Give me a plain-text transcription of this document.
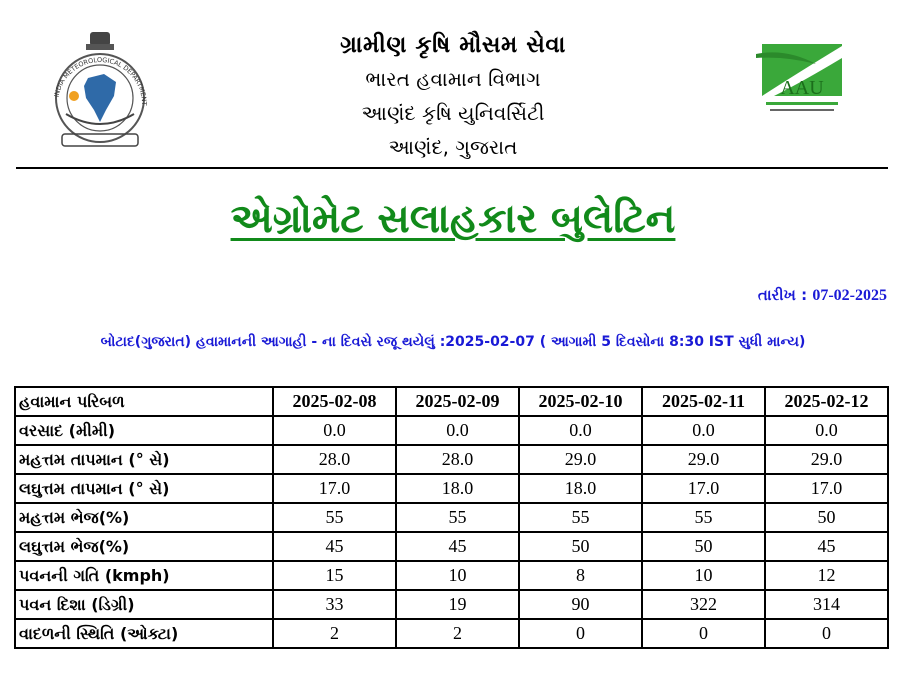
INDIA METEOROLOGICAL DEPARTMENT
ગ્રામીણ કૃષિ મૌસમ સેવા
ભારત હવામાન વિભાગ
આણંદ કૃષિ યુનિવર્સિટી
આણંદ, ગુજરાત
AAU
એગ્રોમેટ સલાહકાર બુલેટિન
તારીખ : 07-02-2025
બોટાદ(ગુજરાત) હવામાનની આગાહી - ના દિવસે રજૂ થયેલું :2025-02-07 ( આગામી 5 દિવસોના 8:30 IST સુધી માન્ય)
હવામાન પરિબળ	2025-02-08	2025-02-09	2025-02-10	2025-02-11	2025-02-12
વરસાદ (મીમી)	0.0	0.0	0.0	0.0	0.0
મહત્તમ તાપમાન (° સે)	28.0	28.0	29.0	29.0	29.0
લઘુત્તમ તાપમાન (° સે)	17.0	18.0	18.0	17.0	17.0
મહત્તમ ભેજ(%)	55	55	55	55	50
લઘુત્તમ ભેજ(%)	45	45	50	50	45
પવનની ગતિ (kmph)	15	10	8	10	12
પવન દિશા (ડિગ્રી)	33	19	90	322	314
વાદળની સ્થિતિ (ઓક્ટા)	2	2	0	0	0
